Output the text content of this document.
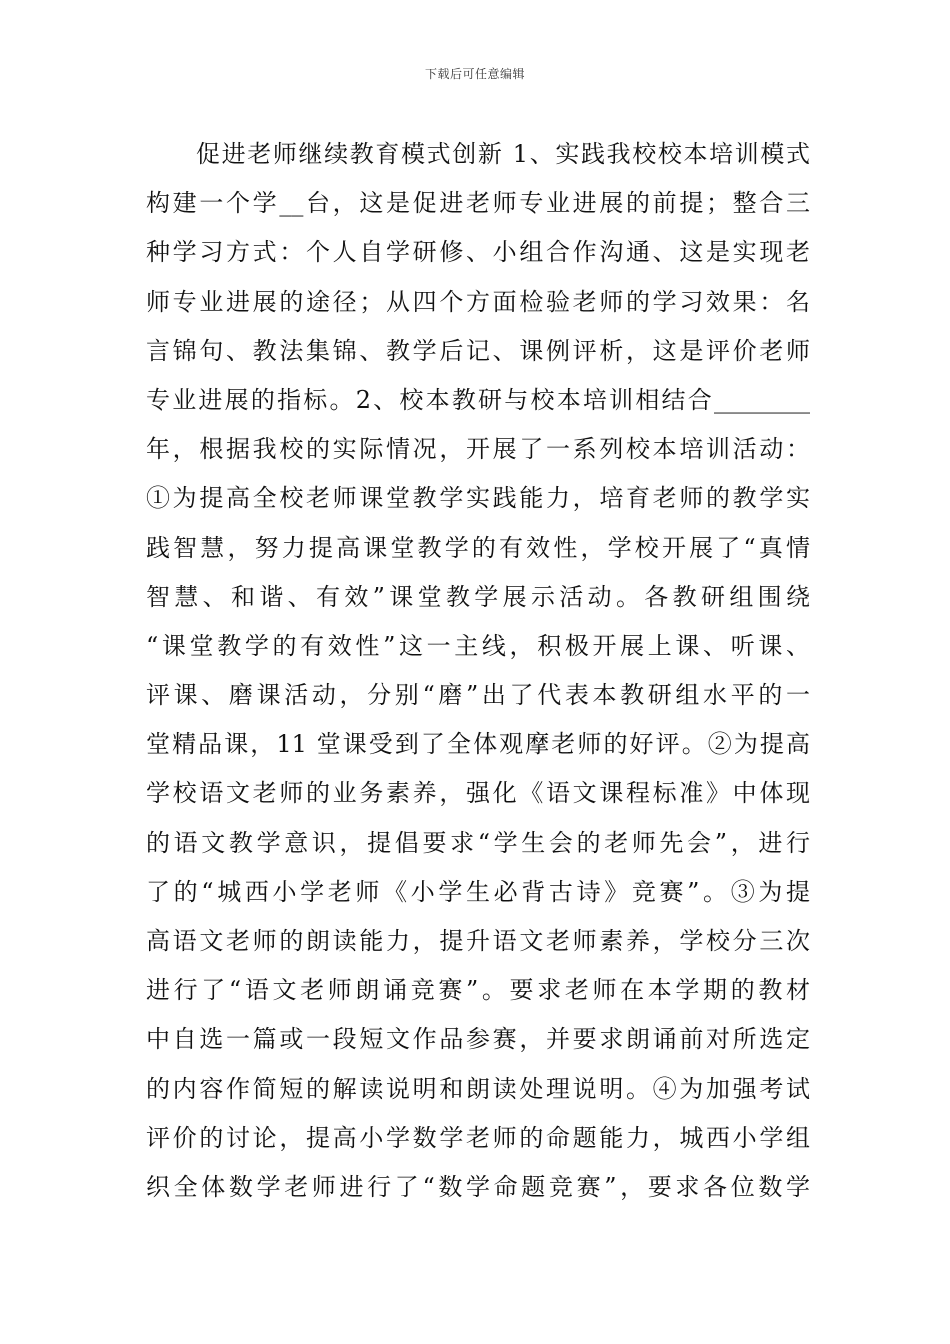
下载后可任意编辑
促进老师继续教育模式创新 1、实践我校校本培训模式
构建一个学__台，这是促进老师专业进展的前提；整合三
种学习方式：个人自学研修、小组合作沟通、这是实现老
师专业进展的途径；从四个方面检验老师的学习效果：名
言锦句、教法集锦、教学后记、课例评析，这是评价老师
专业进展的指标。2、校本教研与校本培训相结合________
年，根据我校的实际情况，开展了一系列校本培训活动：
①为提高全校老师课堂教学实践能力，培育老师的教学实
践智慧，努力提高课堂教学的有效性，学校开展了“真情
智慧、和谐、有效”课堂教学展示活动。各教研组围绕
“课堂教学的有效性”这一主线，积极开展上课、听课、
评课、磨课活动，分别“磨”出了代表本教研组水平的一
堂精品课，11 堂课受到了全体观摩老师的好评。②为提高
学校语文老师的业务素养，强化《语文课程标准》中体现
的语文教学意识，提倡要求“学生会的老师先会”，进行
了的“城西小学老师《小学生必背古诗》竞赛”。③为提
高语文老师的朗读能力，提升语文老师素养，学校分三次
进行了“语文老师朗诵竞赛”。要求老师在本学期的教材
中自选一篇或一段短文作品参赛，并要求朗诵前对所选定
的内容作简短的解读说明和朗读处理说明。④为加强考试
评价的讨论，提高小学数学老师的命题能力，城西小学组
织全体数学老师进行了“数学命题竞赛”，要求各位数学
